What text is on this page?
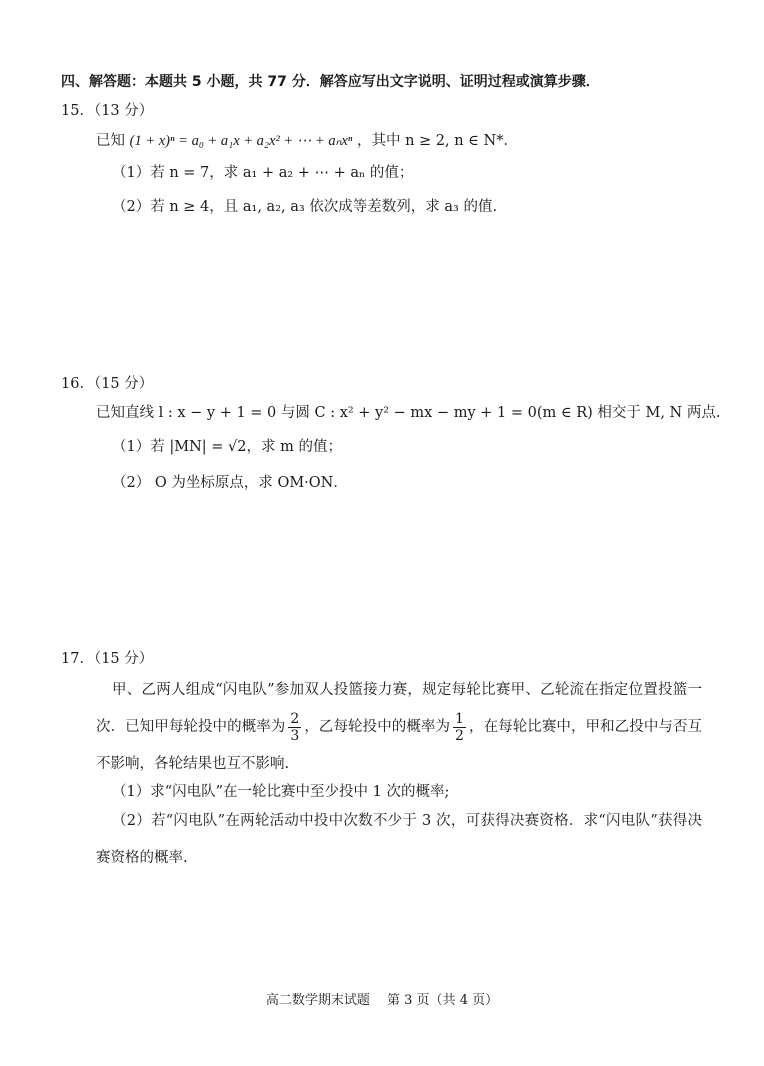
四、解答题：本题共 5 小题，共 77 分．解答应写出文字说明、证明过程或演算步骤．
15．（13 分）
已知 (1 + x)ⁿ = a₀ + a₁x + a₂x² + ⋯ + aₙxⁿ ，其中 n ≥ 2, n ∈ N*．
（1）若 n = 7，求 a₁ + a₂ + ⋯ + aₙ 的值；
（2）若 n ≥ 4，且 a₁, a₂, a₃ 依次成等差数列，求 a₃ 的值.
16．（15 分）
已知直线 l : x − y + 1 = 0 与圆 C : x² + y² − mx − my + 1 = 0(m ∈ R) 相交于 M, N 两点.
（1）若 |MN| = √2，求 m 的值；
（2） O 为坐标原点，求 OM·ON．
17．（15 分）
甲、乙两人组成“闪电队”参加双人投篮接力赛，规定每轮比赛甲、乙轮流在指定位置投篮一次．已知甲每轮投中的概率为 $\frac{2}{3}$ ，乙每轮投中的概率为 $\frac{1}{2}$ ，在每轮比赛中，甲和乙投中与否互不影响，各轮结果也互不影响.
（1）求“闪电队”在一轮比赛中至少投中 1 次的概率;
（2）若“闪电队”在两轮活动中投中次数不少于 3 次，可获得决赛资格．求“闪电队”获得决赛资格的概率.
高二数学期末试题　 第 3 页（共 4 页）
